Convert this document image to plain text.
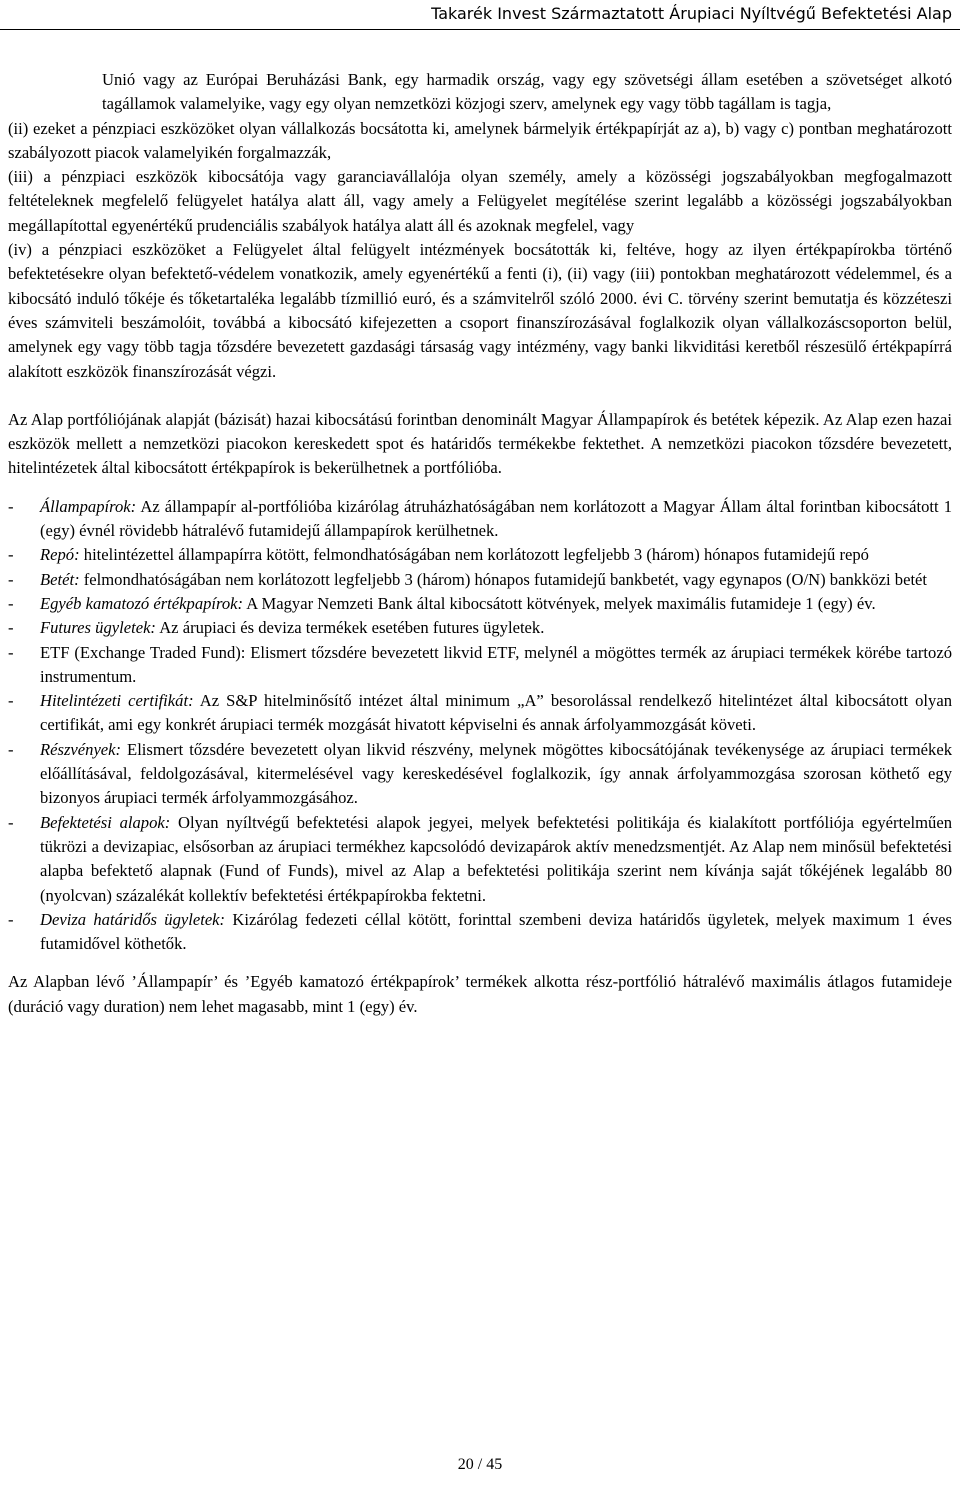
Takarék Invest Származtatott Árupiaci Nyíltvégű Befektetési Alap

Unió vagy az Európai Beruházási Bank, egy harmadik ország, vagy egy szövetségi állam esetében a szövetséget alkotó tagállamok valamelyike, vagy egy olyan nemzetközi közjogi szerv, amelynek egy vagy több tagállam is tagja,

(ii) ezeket a pénzpiaci eszközöket olyan vállalkozás bocsátotta ki, amelynek bármelyik értékpapírját az a), b) vagy c) pontban meghatározott szabályozott piacok valamelyikén forgalmazzák,

(iii) a pénzpiaci eszközök kibocsátója vagy garanciavállalója olyan személy, amely a közösségi jogszabályokban megfogalmazott feltételeknek megfelelő felügyelet hatálya alatt áll, vagy amely a Felügyelet megítélése szerint legalább a közösségi jogszabályokban megállapítottal egyenértékű prudenciális szabályok hatálya alatt áll és azoknak megfelel, vagy

(iv) a pénzpiaci eszközöket a Felügyelet által felügyelt intézmények bocsátották ki, feltéve, hogy az ilyen értékpapírokba történő befektetésekre olyan befektető-védelem vonatkozik, amely egyenértékű a fenti (i), (ii) vagy (iii) pontokban meghatározott védelemmel, és a kibocsátó induló tőkéje és tőketartaléka legalább tízmillió euró, és a számvitelről szóló 2000. évi C. törvény szerint bemutatja és közzéteszi éves számviteli beszámolóit, továbbá a kibocsátó kifejezetten a csoport finanszírozásával foglalkozik olyan vállalkozáscsoporton belül, amelynek egy vagy több tagja tőzsdére bevezetett gazdasági társaság vagy intézmény, vagy banki likviditási keretből részesülő értékpapírrá alakított eszközök finanszírozását végzi.

Az Alap portfóliójának alapját (bázisát) hazai kibocsátású forintban denominált Magyar Állampapírok és betétek képezik. Az Alap ezen hazai eszközök mellett a nemzetközi piacokon kereskedett spot és határidős termékekbe fektethet. A nemzetközi piacokon tőzsdére bevezetett, hitelintézetek által kibocsátott értékpapírok is bekerülhetnek a portfólióba.

- Állampapírok: Az állampapír al-portfólióba kizárólag átruházhatóságában nem korlátozott a Magyar Állam által forintban kibocsátott 1 (egy) évnél rövidebb hátralévő futamidejű állampapírok kerülhetnek.
- Repó: hitelintézettel állampapírra kötött, felmondhatóságában nem korlátozott legfeljebb 3 (három) hónapos futamidejű repó
- Betét: felmondhatóságában nem korlátozott legfeljebb 3 (három) hónapos futamidejű bankbetét, vagy egynapos (O/N) bankközi betét
- Egyéb kamatozó értékpapírok: A Magyar Nemzeti Bank által kibocsátott kötvények, melyek maximális futamideje 1 (egy) év.
- Futures ügyletek: Az árupiaci és deviza termékek esetében futures ügyletek.
- ETF (Exchange Traded Fund): Elismert tőzsdére bevezetett likvid ETF, melynél a mögöttes termék az árupiaci termékek körébe tartozó instrumentum.
- Hitelintézeti certifikát: Az S&P hitelminősítő intézet által minimum „A” besorolással rendelkező hitelintézet által kibocsátott olyan certifikát, ami egy konkrét árupiaci termék mozgását hivatott képviselni és annak árfolyammozgását követi.
- Részvények: Elismert tőzsdére bevezetett olyan likvid részvény, melynek mögöttes kibocsátójának tevékenysége az árupiaci termékek előállításával, feldolgozásával, kitermelésével vagy kereskedésével foglalkozik, így annak árfolyammozgása szorosan köthető egy bizonyos árupiaci termék árfolyammozgásához.
- Befektetési alapok: Olyan nyíltvégű befektetési alapok jegyei, melyek befektetési politikája és kialakított portfóliója egyértelműen tükrözi a devizapiac, elsősorban az árupiaci termékhez kapcsolódó devizapárok aktív menedzsmentjét. Az Alap nem minősül befektetési alapba befektető alapnak (Fund of Funds), mivel az Alap a befektetési politikája szerint nem kívánja saját tőkéjének legalább 80 (nyolcvan) százalékát kollektív befektetési értékpapírokba fektetni.
- Deviza határidős ügyletek: Kizárólag fedezeti céllal kötött, forinttal szembeni deviza határidős ügyletek, melyek maximum 1 éves futamidővel köthetők.

Az Alapban lévő ’Állampapír’ és ’Egyéb kamatozó értékpapírok’ termékek alkotta rész-portfólió hátralévő maximális átlagos futamideje (duráció vagy duration) nem lehet magasabb, mint 1 (egy) év.

20 / 45
